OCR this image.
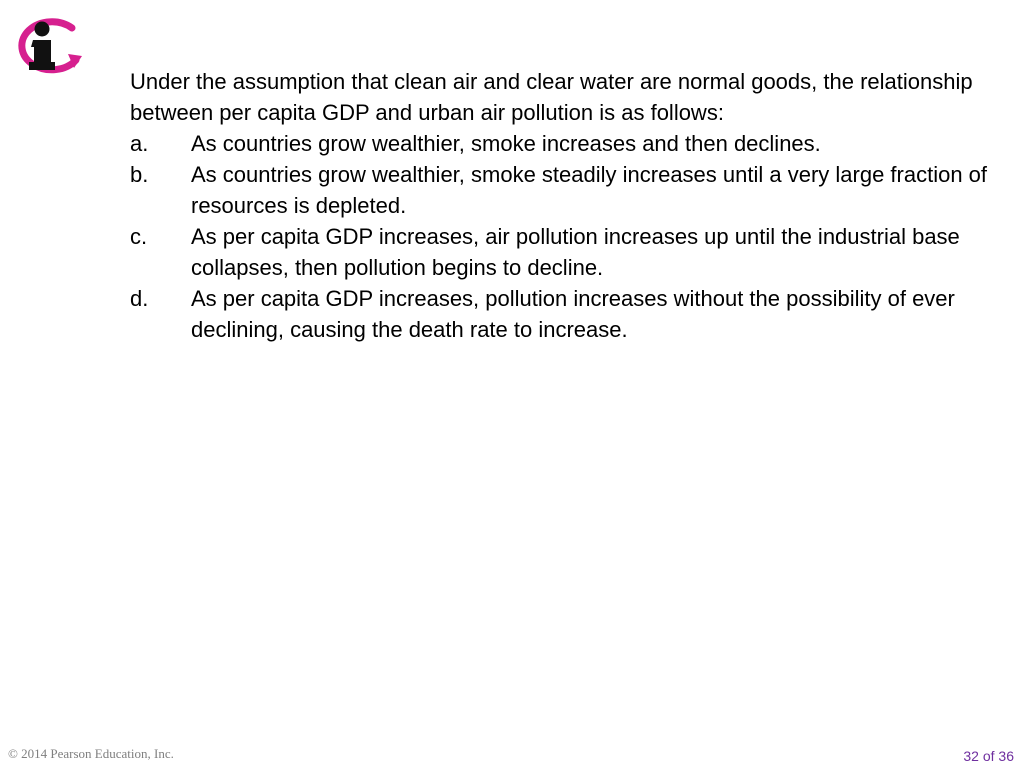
Under the assumption that clean air and clear water are normal goods, the relationship between per capita GDP and urban air pollution is as follows:

a.	As countries grow wealthier, smoke increases and then declines.
b.	As countries grow wealthier, smoke steadily increases until a very large fraction of resources is depleted.
c.	As per capita GDP increases, air pollution increases up until the industrial base collapses, then pollution begins to decline.
d.	As per capita GDP increases, pollution increases without the possibility of ever declining, causing the death rate to increase.
© 2014 Pearson Education, Inc.	32 of 36
